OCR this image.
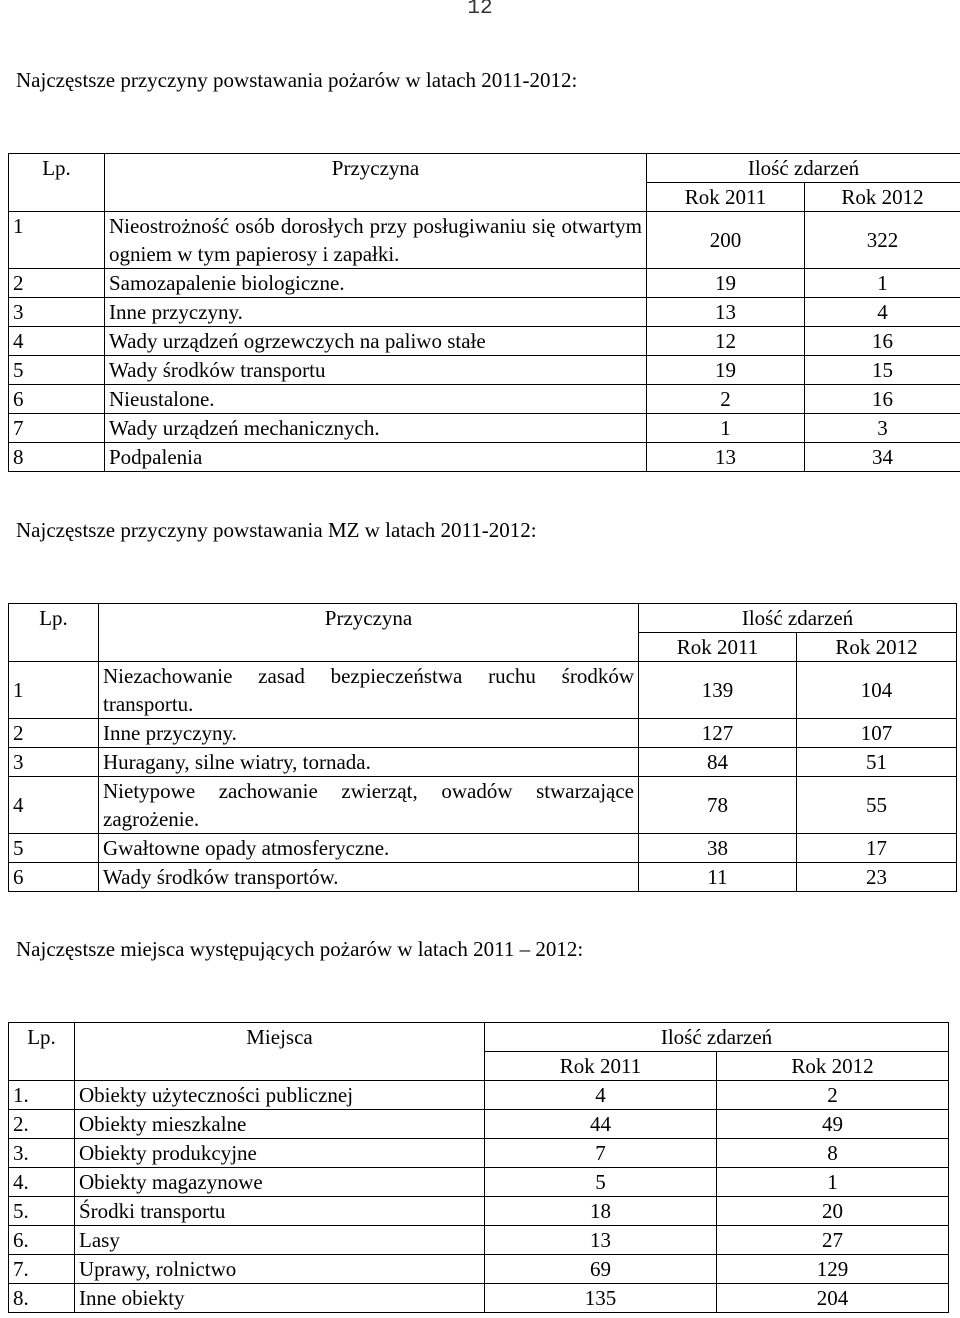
12
Najczęstsze przyczyny powstawania pożarów w latach 2011-2012:
Lp.	Przyczyna	Ilość zdarzeń	
		Rok 2011	Rok 2012
1	Nieostrożność osób dorosłych przy posługiwaniu się otwartym ogniem w tym papierosy i zapałki.	200	322
2	Samozapalenie biologiczne.	19	1
3	Inne przyczyny.	13	4
4	Wady urządzeń ogrzewczych na paliwo stałe	12	16
5	Wady środków transportu	19	15
6	Nieustalone.	2	16
7	Wady urządzeń mechanicznych.	1	3
8	Podpalenia	13	34
Najczęstsze przyczyny powstawania MZ w latach 2011-2012:
Lp.	Przyczyna	Ilość zdarzeń	
		Rok 2011	Rok 2012
1	Niezachowanie zasad bezpieczeństwa ruchu środków transportu.	139	104
2	Inne przyczyny.	127	107
3	Huragany, silne wiatry, tornada.	84	51
4	Nietypowe zachowanie zwierząt, owadów stwarzające zagrożenie.	78	55
5	Gwałtowne opady atmosferyczne.	38	17
6	Wady środków transportów.	11	23
Najczęstsze miejsca występujących pożarów w latach 2011 – 2012:
Lp.	Miejsca	Ilość zdarzeń	
		Rok 2011	Rok 2012
1.	Obiekty użyteczności publicznej	4	2
2.	Obiekty mieszkalne	44	49
3.	Obiekty produkcyjne	7	8
4.	Obiekty magazynowe	5	1
5.	Środki transportu	18	20
6.	Lasy	13	27
7.	Uprawy, rolnictwo	69	129
8.	Inne obiekty	135	204
